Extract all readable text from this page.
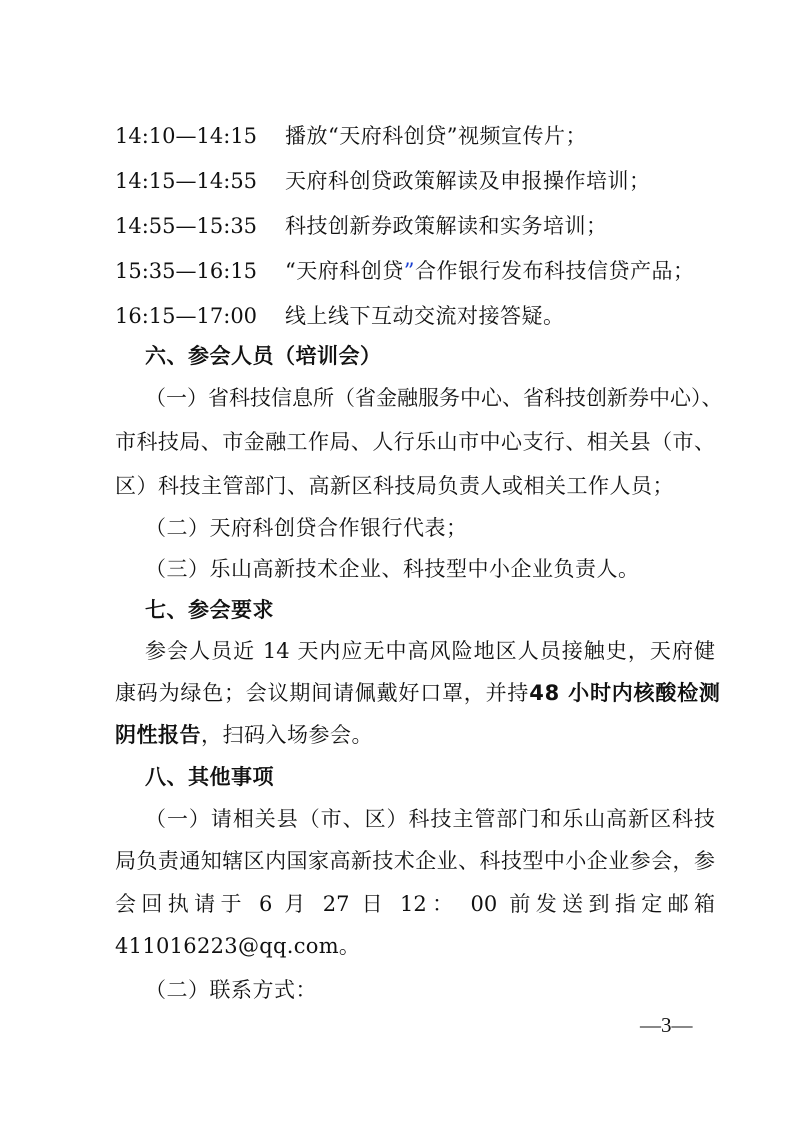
14:10—14:15 播放“天府科创贷”视频宣传片；
14:15—14:55 天府科创贷政策解读及申报操作培训；
14:55—15:35 科技创新券政策解读和实务培训；
15:35—16:15 “天府科创贷”合作银行发布科技信贷产品；
16:15—17:00 线上线下互动交流对接答疑。
六、参会人员（培训会）
（一）省科技信息所（省金融服务中心、省科技创新券中心）、
市科技局、市金融工作局、人行乐山市中心支行、相关县（市、
区）科技主管部门、高新区科技局负责人或相关工作人员；
（二）天府科创贷合作银行代表；
（三）乐山高新技术企业、科技型中小企业负责人。
七、参会要求
参会人员近 14 天内应无中高风险地区人员接触史，天府健
康码为绿色；会议期间请佩戴好口罩，并持48 小时内核酸检测
阴性报告，扫码入场参会。
八、其他事项
（一）请相关县（市、区）科技主管部门和乐山高新区科技
局负责通知辖区内国家高新技术企业、科技型中小企业参会，参
会回执请于 6 月 27 日 12： 00 前发送到指定邮箱
411016223@qq.com。
（二）联系方式：
—3—
